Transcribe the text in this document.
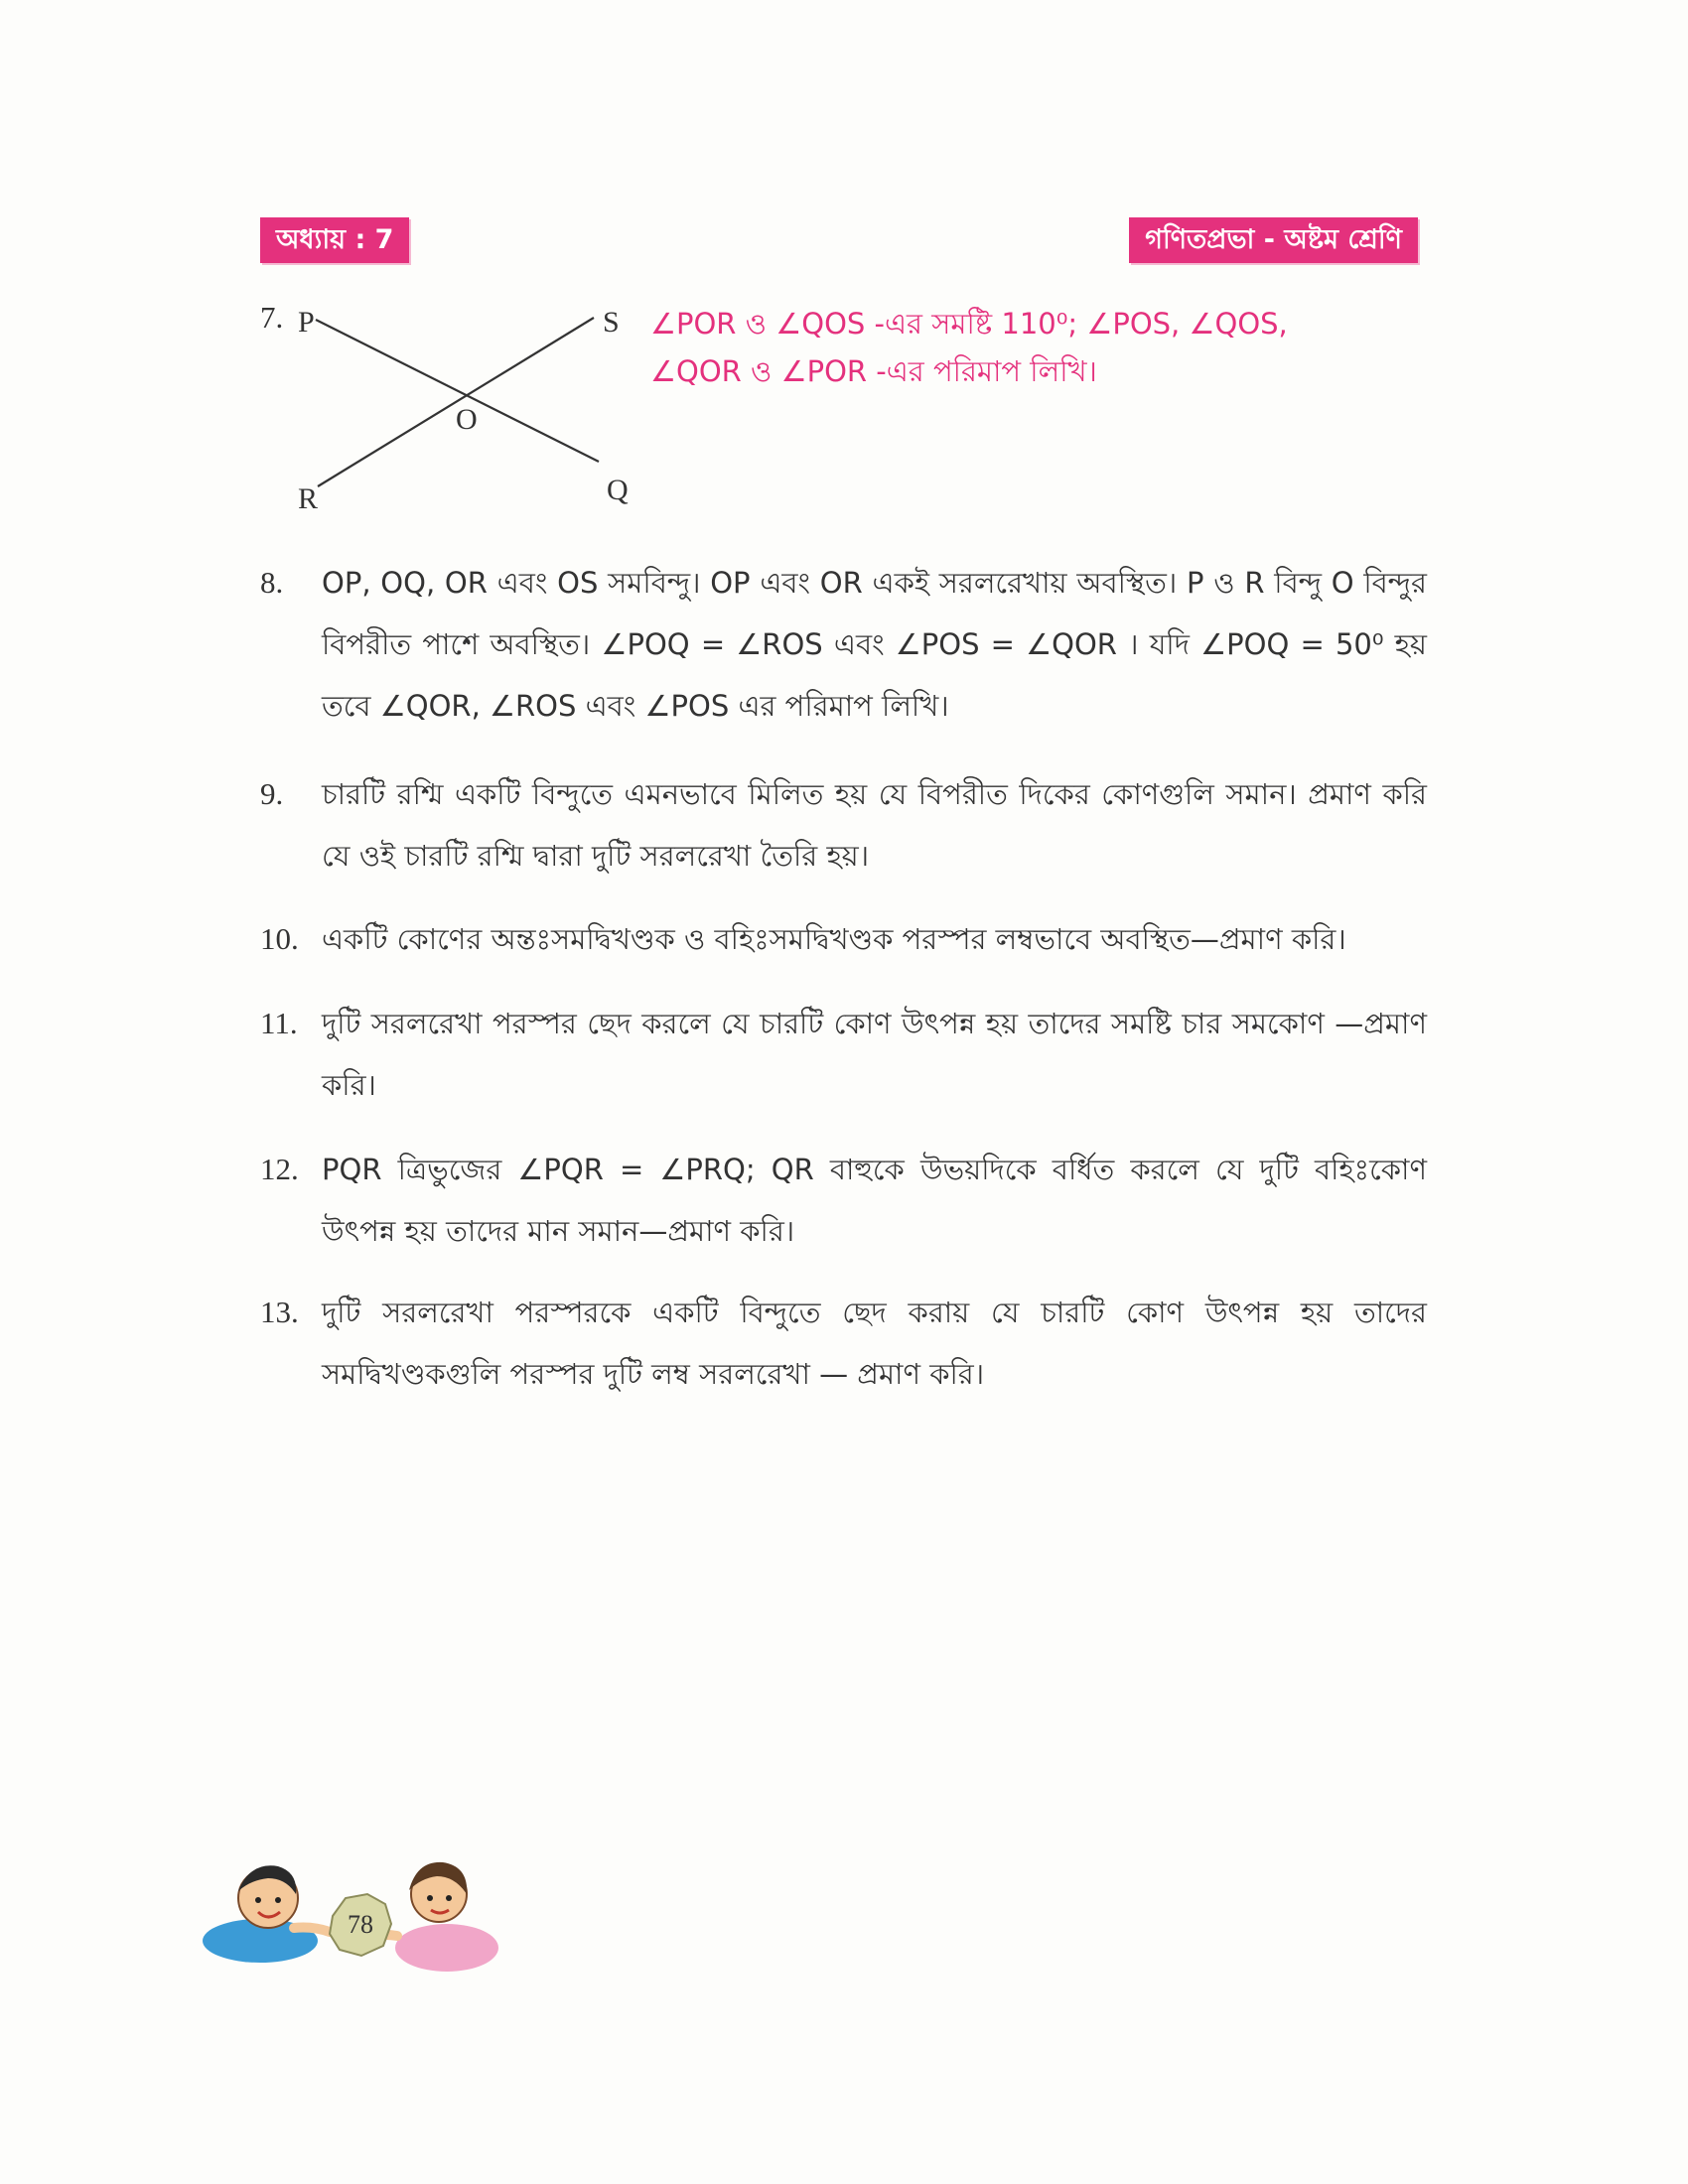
অধ্যায় : 7	গণিতপ্রভা - অষ্টম শ্রেণি
7. P	S
O
R	Q
∠POR ও ∠QOS -এর সমষ্টি 110⁰; ∠POS, ∠QOS, ∠QOR ও ∠POR -এর পরিমাপ লিখি।
8. OP, OQ, OR এবং OS সমবিন্দু। OP এবং OR একই সরলরেখায় অবস্থিত। P ও R বিন্দু O বিন্দুর বিপরীত পাশে অবস্থিত। ∠POQ = ∠ROS এবং ∠POS = ∠QOR । যদি ∠POQ = 50⁰ হয় তবে ∠QOR, ∠ROS এবং ∠POS এর পরিমাপ লিখি।
9. চারটি রশ্মি একটি বিন্দুতে এমনভাবে মিলিত হয় যে বিপরীত দিকের কোণগুলি সমান। প্রমাণ করি যে ওই চারটি রশ্মি দ্বারা দুটি সরলরেখা তৈরি হয়।
10. একটি কোণের অন্তঃসমদ্বিখণ্ডক ও বহিঃসমদ্বিখণ্ডক পরস্পর লম্বভাবে অবস্থিত—প্রমাণ করি।
11. দুটি সরলরেখা পরস্পর ছেদ করলে যে চারটি কোণ উৎপন্ন হয় তাদের সমষ্টি চার সমকোণ —প্রমাণ করি।
12. PQR ত্রিভুজের ∠PQR = ∠PRQ; QR বাহুকে উভয়দিকে বর্ধিত করলে যে দুটি বহিঃকোণ উৎপন্ন হয় তাদের মান সমান—প্রমাণ করি।
13. দুটি সরলরেখা পরস্পরকে একটি বিন্দুতে ছেদ করায় যে চারটি কোণ উৎপন্ন হয় তাদের সমদ্বিখণ্ডকগুলি পরস্পর দুটি লম্ব সরলরেখা — প্রমাণ করি।
78
